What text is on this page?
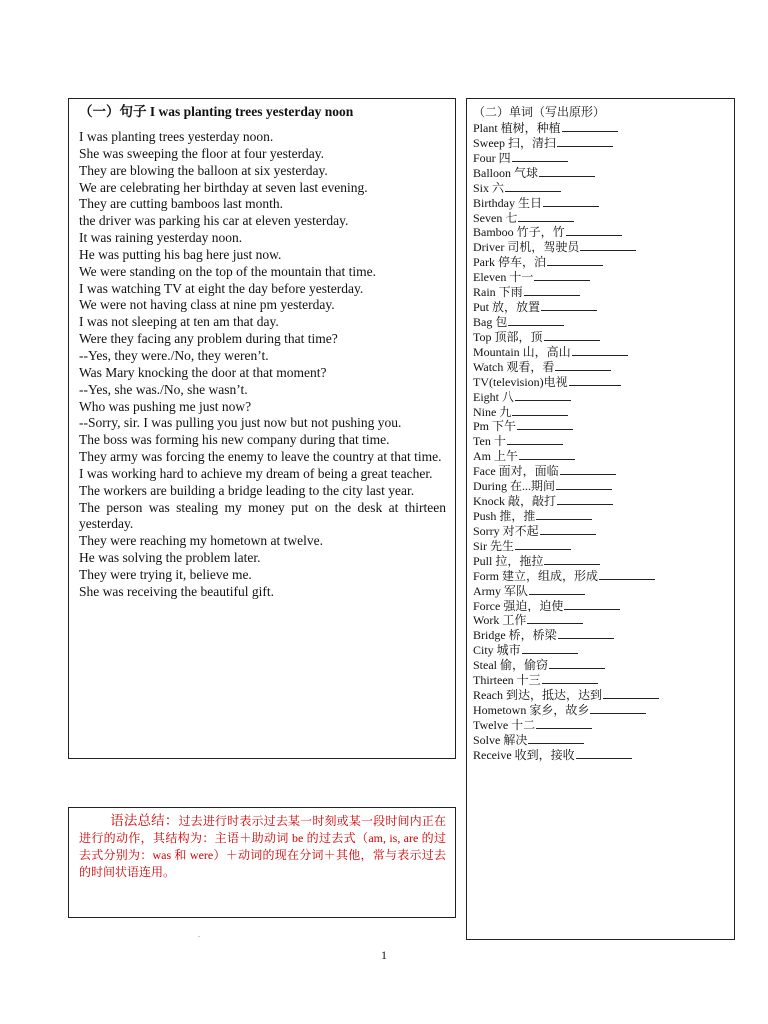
（一）句子 I was planting trees yesterday noon
I was planting trees yesterday noon.
She was sweeping the floor at four yesterday.
They are blowing the balloon at six yesterday.
We are celebrating her birthday at seven last evening.
They are cutting bamboos last month.
the driver was parking his car at eleven yesterday.
It was raining yesterday noon.
He was putting his bag here just now.
We were standing on the top of the mountain that time.
I was watching TV at eight the day before yesterday.
We were not having class at nine pm yesterday.
I was not sleeping at ten am that day.
Were they facing any problem during that time?
--Yes, they were./No, they weren’t.
Was Mary knocking the door at that moment?
--Yes, she was./No, she wasn’t.
Who was pushing me just now?
--Sorry, sir. I was pulling you just now but not pushing you.
The boss was forming his new company during that time.
They army was forcing the enemy to leave the country at that time.
I was working hard to achieve my dream of being a great teacher.
The workers are building a bridge leading to the city last year.
The person was stealing my money put on the desk at thirteen yesterday.
They were reaching my hometown at twelve.
He was solving the problem later.
They were trying it, believe me.
She was receiving the beautiful gift.
（二）单词（写出原形）
Plant 植树，种植
Sweep 扫，清扫
Four 四
Balloon 气球
Six 六
Birthday 生日
Seven 七
Bamboo 竹子，竹
Driver 司机，驾驶员
Park 停车，泊
Eleven 十一
Rain 下雨
Put 放，放置
Bag 包
Top 顶部，顶
Mountain 山，高山
Watch 观看，看
TV(television)电视
Eight 八
Nine 九
Pm 下午
Ten 十
Am 上午
Face 面对，面临
During 在...期间
Knock 敲，敲打
Push 推，推
Sorry 对不起
Sir 先生
Pull 拉，拖拉
Form 建立，组成，形成
Army 军队
Force 强迫，迫使
Work 工作
Bridge 桥，桥梁
City 城市
Steal 偷，偷窃
Thirteen 十三
Reach 到达，抵达，达到
Hometown 家乡，故乡
Twelve 十二
Solve 解决
Receive 收到，接收
语法总结：过去进行时表示过去某一时刻或某一段时间内正在进行的动作，其结构为：主语＋助动词 be 的过去式（am, is, are 的过去式分别为：was 和 were）＋动词的现在分词＋其他，常与表示过去的时间状语连用。
.
1
